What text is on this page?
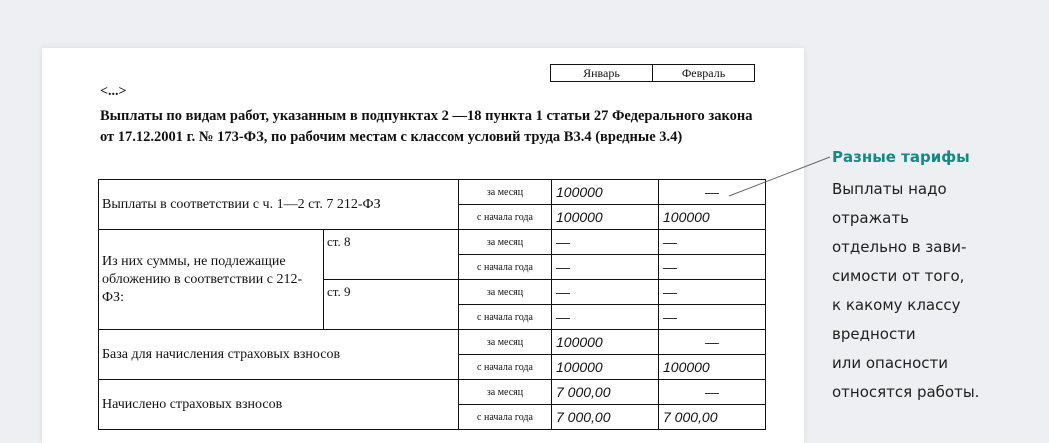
Январь	Февраль
<...>
Выплаты по видам работ, указанным в подпунктах 2 —18 пункта 1 статьи 27 Федерального закона от 17.12.2001 г. № 173-ФЗ, по рабочим местам с классом условий труда В3.4 (вредные 3.4)
Выплаты в соответствии с ч. 1—2 ст. 7 212-ФЗ		за месяц	100000	—
		с начала года	100000	100000
Из них суммы, не подлежащие обложению в соответствии с 212-ФЗ:	ст. 8	за месяц	—	—
		с начала года	—	—
	ст. 9	за месяц	—	—
		с начала года	—	—
База для начисления страховых взносов		за месяц	100000	—
		с начала года	100000	100000
Начислено страховых взносов		за месяц	7 000,00	—
		с начала года	7 000,00	7 000,00
Разные тарифы
Выплаты надо
отражать
отдельно в зави-
симости от того,
к какому классу
вредности
или опасности
относятся работы.
